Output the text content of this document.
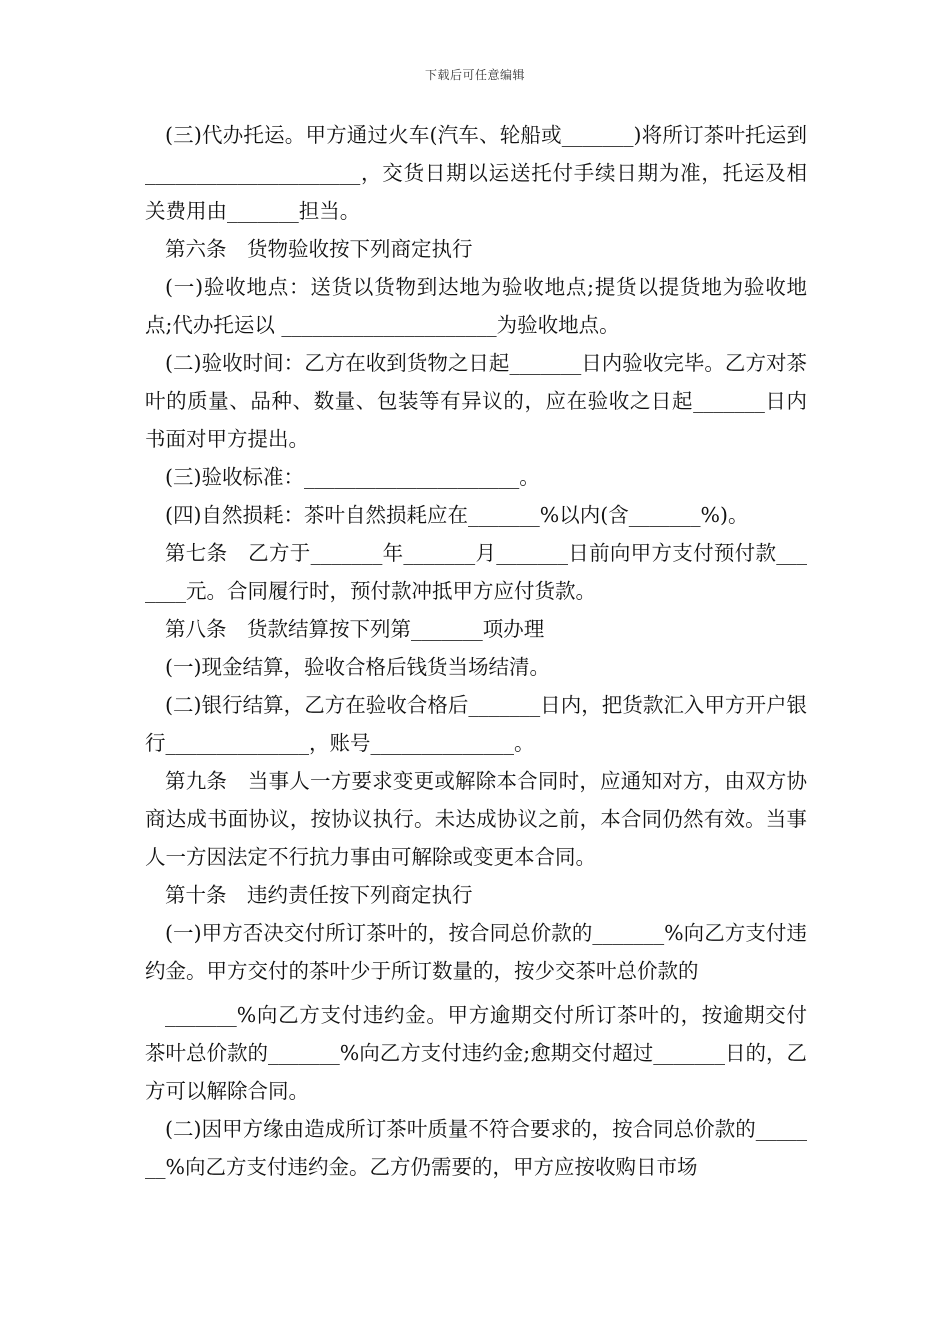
下载后可任意编辑

(三)代办托运。甲方通过火车(汽车、轮船或_______)将所订茶叶托运到_____________________，交货日期以运送托付手续日期为准，托运及相关费用由_______担当。

第六条　货物验收按下列商定执行

(一)验收地点：送货以货物到达地为验收地点;提货以提货地为验收地点;代办托运以 _____________________为验收地点。

(二)验收时间：乙方在收到货物之日起_______日内验收完毕。乙方对茶叶的质量、品种、数量、包装等有异议的，应在验收之日起_______日内书面对甲方提出。

(三)验收标准：_____________________。

(四)自然损耗：茶叶自然损耗应在_______%以内(含_______%)。

第七条　乙方于_______年_______月_______日前向甲方支付预付款_______元。合同履行时，预付款冲抵甲方应付货款。

第八条　货款结算按下列第_______项办理

(一)现金结算，验收合格后钱货当场结清。

(二)银行结算，乙方在验收合格后_______日内，把货款汇入甲方开户银行______________，账号______________。

第九条　当事人一方要求变更或解除本合同时，应通知对方，由双方协商达成书面协议，按协议执行。未达成协议之前，本合同仍然有效。当事人一方因法定不行抗力事由可解除或变更本合同。

第十条　违约责任按下列商定执行

(一)甲方否决交付所订茶叶的，按合同总价款的_______%向乙方支付违约金。甲方交付的茶叶少于所订数量的，按少交茶叶总价款的

_______%向乙方支付违约金。甲方逾期交付所订茶叶的，按逾期交付茶叶总价款的_______%向乙方支付违约金;愈期交付超过_______日的，乙方可以解除合同。

(二)因甲方缘由造成所订茶叶质量不符合要求的，按合同总价款的_______%向乙方支付违约金。乙方仍需要的，甲方应按收购日市场
